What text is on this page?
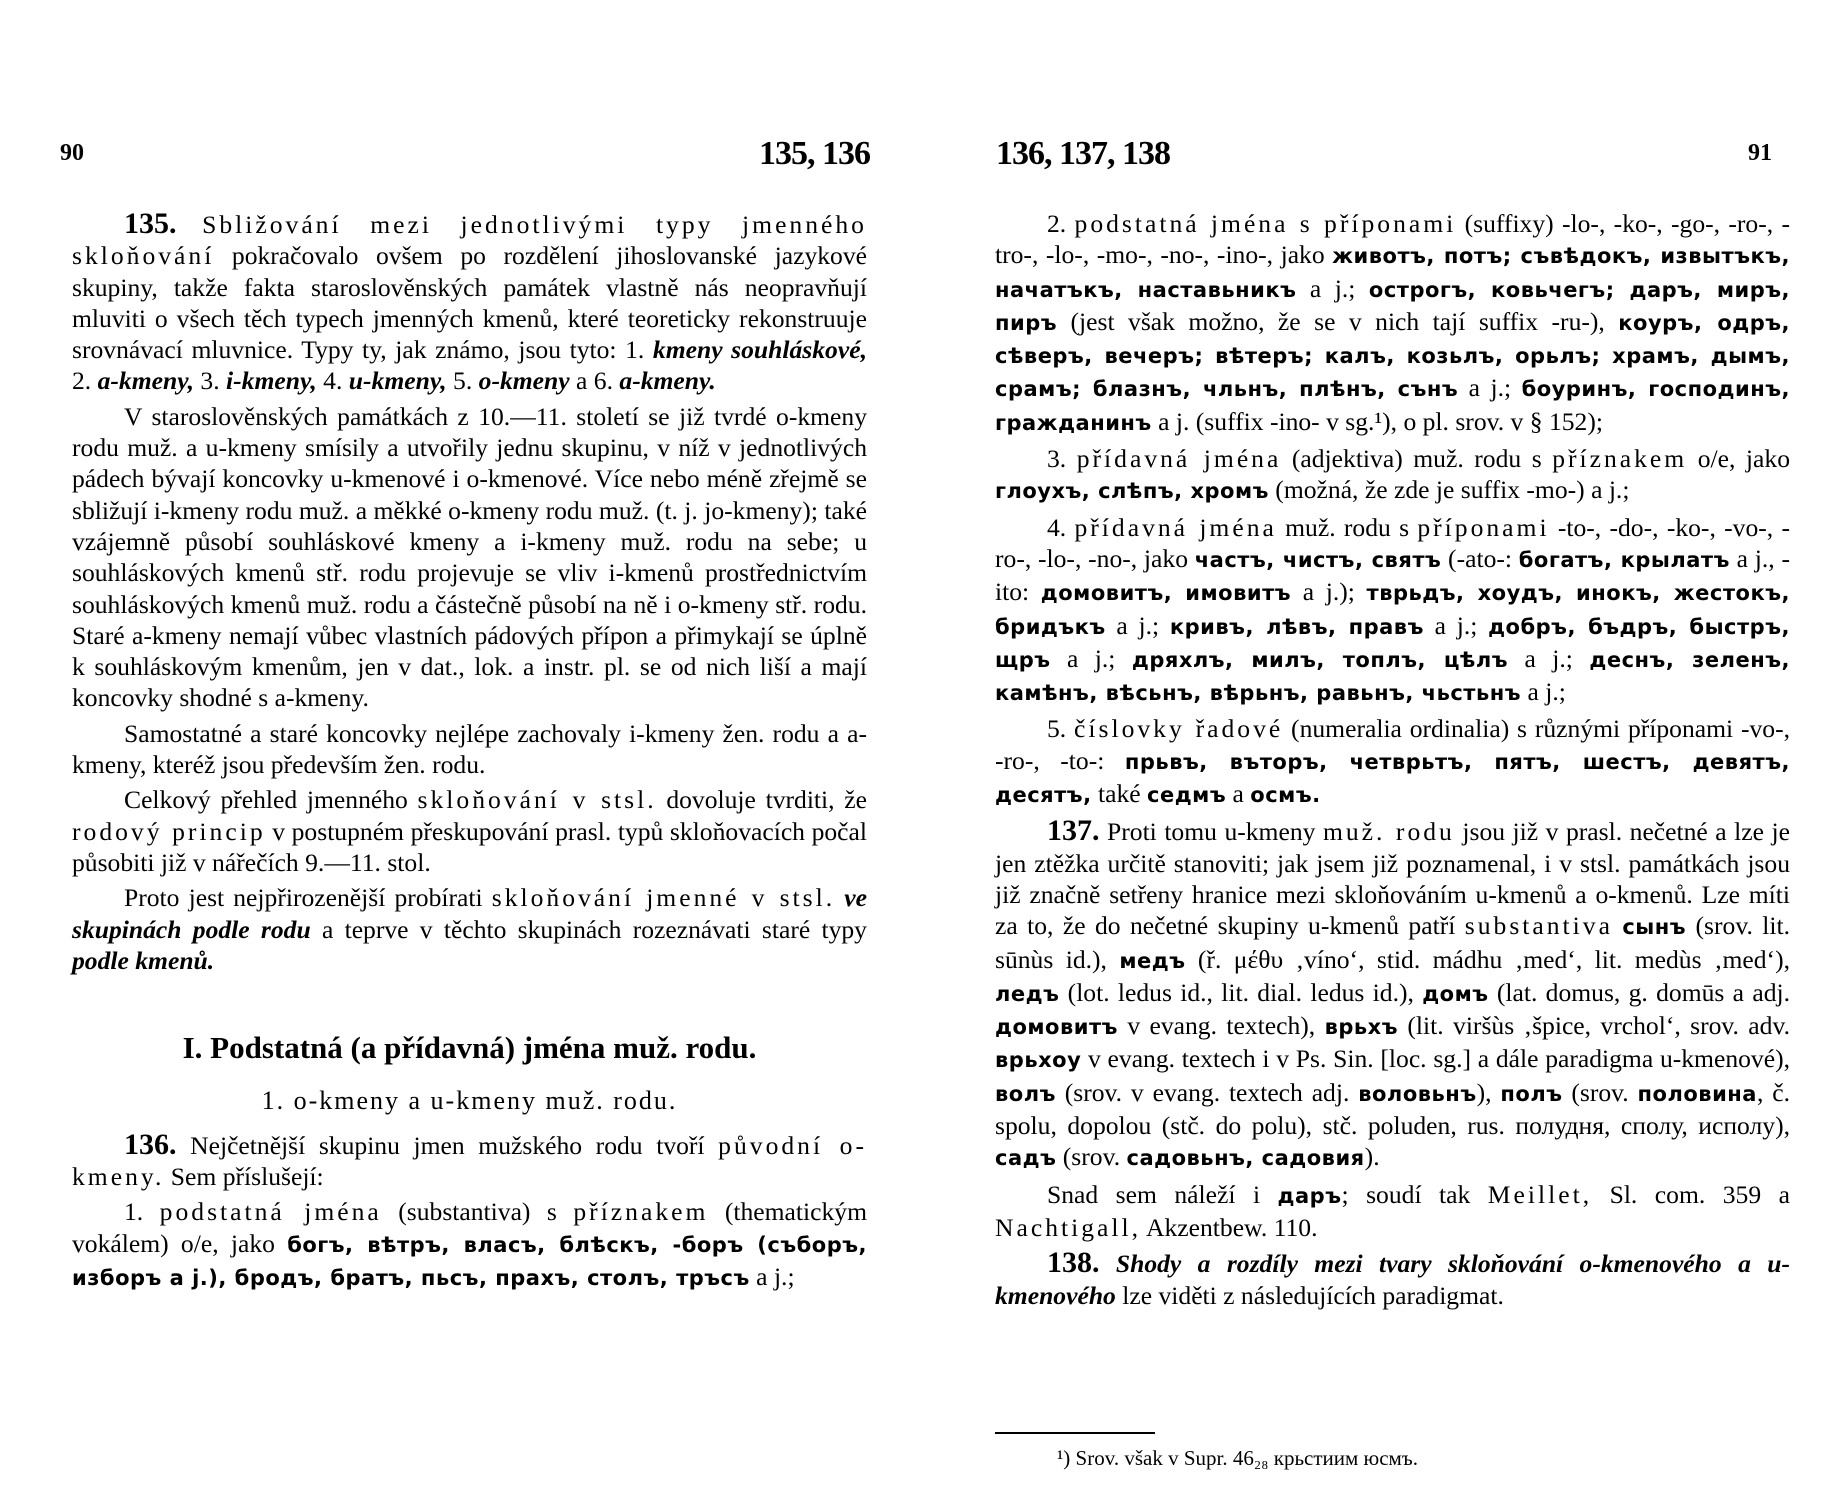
90	135, 136

135. Sbližování mezi jednotlivými typy jmenného skloňování pokračovalo ovšem po rozdělení jihoslovanské jazykové skupiny, takže fakta staroslověnských památek vlastně nás neopravňují mluviti o všech těch typech jmenných kmenů, které teoreticky rekonstruuje srovnávací mluvnice. Typy ty, jak známo, jsou tyto: 1. kmeny souhláskové, 2. a-kmeny, 3. i-kmeny, 4. u-kmeny, 5. o-kmeny a 6. a-kmeny.

V staroslověnských památkách z 10.—11. století se již tvrdé o-kmeny rodu muž. a u-kmeny smísily a utvořily jednu skupinu, v níž v jednotlivých pádech bývají koncovky u-kmenové i o-kmenové. Více nebo méně zřejmě se sbližují i-kmeny rodu muž. a měkké o-kmeny rodu muž. (t. j. jo-kmeny); také vzájemně působí souhláskové kmeny a i-kmeny muž. rodu na sebe; u souhláskových kmenů stř. rodu projevuje se vliv i-kmenů prostřednictvím souhláskových kmenů muž. rodu a částečně působí na ně i o-kmeny stř. rodu. Staré a-kmeny nemají vůbec vlastních pádových přípon a přimykají se úplně k souhláskovým kmenům, jen v dat., lok. a instr. pl. se od nich liší a mají koncovky shodné s a-kmeny.

Samostatné a staré koncovky nejlépe zachovaly i-kmeny žen. rodu a a-kmeny, kteréž jsou především žen. rodu.

Celkový přehled jmenného skloňování v stsl. dovoluje tvrditi, že rodový princip v postupném přeskupování prasl. typů skloňovacích počal působiti již v nářečích 9.—11. stol.

Proto jest nejpřirozenější probírati skloňování jmenné v stsl. ve skupinách podle rodu a teprve v těchto skupinách rozeznávati staré typy podle kmenů.

I. Podstatná (a přídavná) jména muž. rodu.
1. o-kmeny a u-kmeny muž. rodu.

136. Nejčetnější skupinu jmen mužského rodu tvoří původní o-kmeny. Sem příslušejí:

1. podstatná jména (substantiva) s příznakem (thematickým vokálem) o/e, jako богъ, вѣтръ, власъ, блѣскъ, -боръ (съборъ, избоpъ а j.), бродъ, братъ, пьсъ, прахъ, столъ, тръсъ a j.;

136, 137, 138	91

2. podstatná jména s příponami (suffixy) -lo-, -ko-, -go-, -ro-, -tro-, -lo-, -mo-, -no-, -ino-, jako животъ, потъ; съвѣдокъ, извытъкъ, начатъкъ, наставьникъ a j.; острогъ, ковьчегъ; даръ, миръ, пиръ (jest však možno, že se v nich tají suffix -ru-), коуръ, одръ, сѣверъ, вечеръ; вѣтеръ; калъ, козьлъ, орьлъ; храмъ, дымъ, срамъ; блазнъ, чльнъ, плѣнъ, сънъ a j.; боуринъ, господинъ, граждaнинъ a j. (suffix -ino- v sg.¹), o pl. srov. v § 152);

3. přídavná jména (adjektiva) muž. rodu s příznakem o/e, jako глоухъ, слѣпъ, хромъ (možná, že zde je suffix -mo-) a j.;

4. přídavná jména muž. rodu s příponami -to-, -do-, -ko-, -vo-, -ro-, -lo-, -no-, jako частъ, чистъ, святъ (-ato-: богатъ, крылатъ a j., -ito: домовитъ, имовитъ a j.); тврьдъ, хоудъ, инокъ, жестокъ, бридъкъ a j.; кривъ, лѣвъ, правъ a j.; добръ, бъдръ, быстръ, щръ a j.; дряхлъ, милъ, топлъ, цѣлъ a j.; деснъ, зеленъ, камѣнъ, вѣсьнъ, вѣрьнъ, равьнъ, чьстьнъ a j.;

5. číslovky řadové (numeralia ordinalia) s různými příponami -vo-, -ro-, -to-: прьвъ, вътоpъ, четврьтъ, пятъ, шестъ, девятъ, десятъ, také седмъ a осмъ.

137. Proti tomu u-kmeny muž. rodu jsou již v prasl. nečetné a lze je jen ztěžka určitě stanoviti; jak jsem již poznamenal, i v stsl. památkách jsou již značně setřeny hranice mezi skloňováním u-kmenů a o-kmenů. Lze míti za to, že do nečetné skupiny u-kmenů patří substantiva сынъ (srov. lit. sūnùs id.), медъ (ř. μέθυ ‚víno‘, stid. mádhu ‚med‘, lit. medùs ‚med‘), ледъ (lot. ledus id., lit. dial. ledus id.), домъ (lat. domus, g. domūs a adj. домовитъ v evang. textech), врьхъ (lit. viršùs ‚špice, vrchol‘, srov. adv. врьхоу v evang. textech i v Ps. Sin. [loc. sg.] a dále paradigma u-kmenové), волъ (srov. v evang. textech adj. воловьнъ), полъ (srov. половина, č. spolu, dopolou (stč. do polu), stč. poluden, rus. полудня, сполу, исполу), садъ (srov. садовьнъ, садовия).

Snad sem náleží i даръ; soudí tak Meillet, Sl. com. 359 a Nachtigall, Akzentbew. 110.

138. Shody a rozdíly mezi tvary skloňování o-kmenového a u-kmenového lze viděti z následujících paradigmat.

¹) Srov. však v Supr. 46₂₈ крьстиим юсмъ.
